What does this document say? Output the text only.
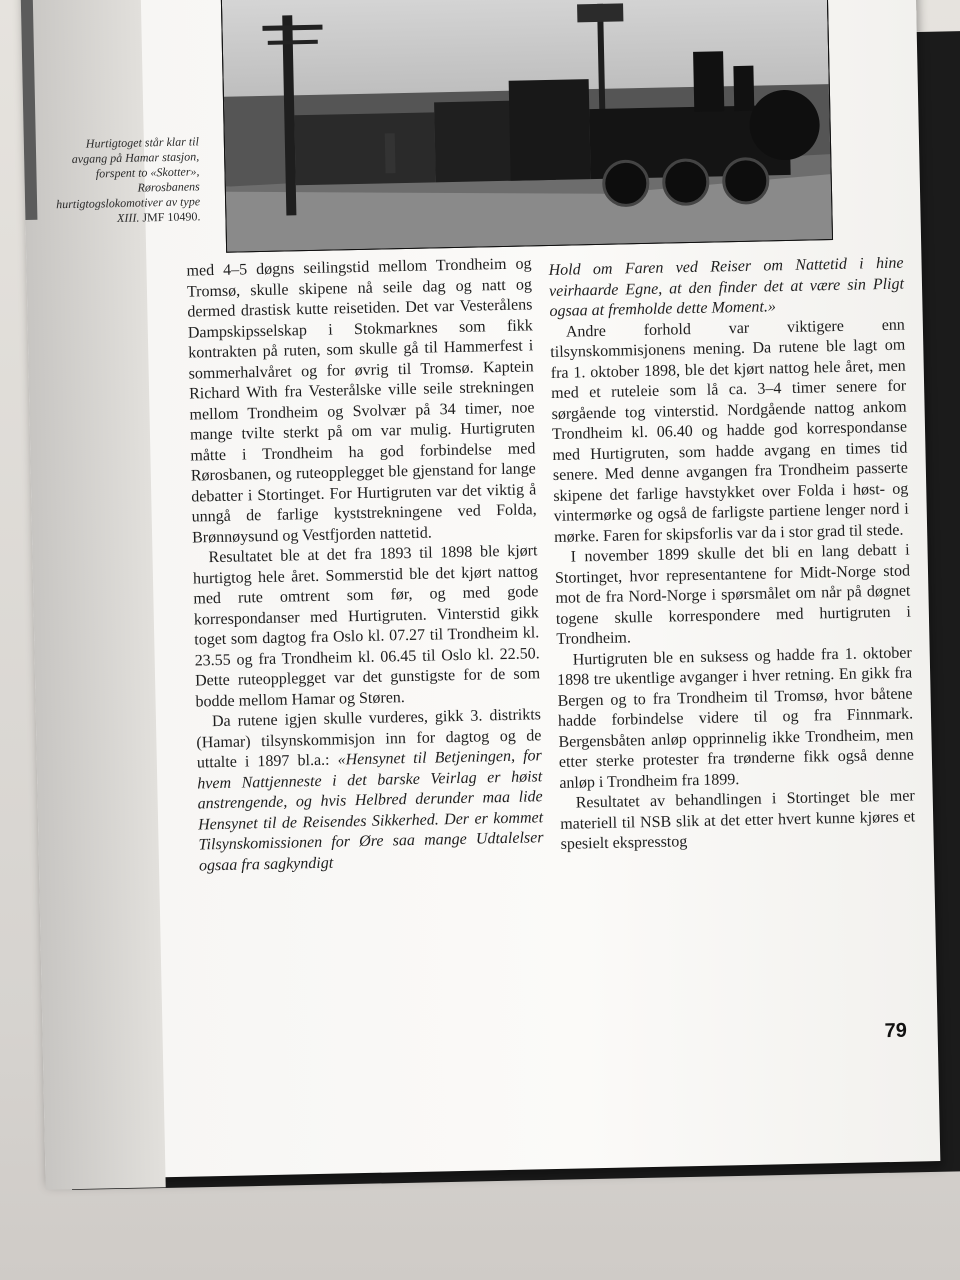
Hurtigtoget står klar til avgang på Hamar stasjon, forspent to «Skotter», Rørosbanens hurtigtogslokomotiver av type XIII. JMF 10490.

med 4–5 døgns seilingstid mellom Trondheim og Tromsø, skulle skipene nå seile dag og natt og dermed drastisk kutte reisetiden. Det var Vesterålens Dampskipsselskap i Stokmarknes som fikk kontrakten på ruten, som skulle gå til Hammerfest i sommerhalvåret og for øvrig til Tromsø. Kaptein Richard With fra Vesterålske ville seile strekningen mellom Trondheim og Svolvær på 34 timer, noe mange tvilte sterkt på om var mulig. Hurtigruten måtte i Trondheim ha god forbindelse med Rørosbanen, og ruteopplegget ble gjenstand for lange debatter i Stortinget. For Hurtigruten var det viktig å unngå de farlige kyststrekningene ved Folda, Brønnøysund og Vestfjorden nattetid.

Resultatet ble at det fra 1893 til 1898 ble kjørt hurtigtog hele året. Sommerstid ble det kjørt nattog med rute omtrent som før, og med gode korrespondanser med Hurtigruten. Vinterstid gikk toget som dagtog fra Oslo kl. 07.27 til Trondheim kl. 23.55 og fra Trondheim kl. 06.45 til Oslo kl. 22.50. Dette ruteopplegget var det gunstigste for de som bodde mellom Hamar og Støren.

Da rutene igjen skulle vurderes, gikk 3. distrikts (Hamar) tilsynskommisjon inn for dagtog og de uttalte i 1897 bl.a.: «Hensynet til Betjeningen, for hvem Nattjenneste i det barske Veirlag er høist anstrengende, og hvis Helbred derunder maa lide Hensynet til de Reisendes Sikkerhed. Der er kommet Tilsynskomissionen for Øre saa mange Udtalelser ogsaa fra sagkyndigt

Hold om Faren ved Reiser om Nattetid i hine veirhaarde Egne, at den finder det at være sin Pligt ogsaa at fremholde dette Moment.»

Andre forhold var viktigere enn tilsynskommisjonens mening. Da rutene ble lagt om fra 1. oktober 1898, ble det kjørt nattog hele året, men med et ruteleie som lå ca. 3–4 timer senere for sørgående tog vinterstid. Nordgående nattog ankom Trondheim kl. 06.40 og hadde god korrespondanse med Hurtigruten, som hadde avgang en times tid senere. Med denne avgangen fra Trondheim passerte skipene det farlige havstykket over Folda i høst- og vintermørke og også de farligste partiene lenger nord i mørke. Faren for skipsforlis var da i stor grad til stede.

I november 1899 skulle det bli en lang debatt i Stortinget, hvor representantene for Midt-Norge stod mot de fra Nord-Norge i spørsmålet om når på døgnet togene skulle korrespondere med hurtigruten i Trondheim.

Hurtigruten ble en suksess og hadde fra 1. oktober 1898 tre ukentlige avganger i hver retning. En gikk fra Bergen og to fra Trondheim til Tromsø, hvor båtene hadde forbindelse videre til og fra Finnmark. Bergensbåten anløp opprinnelig ikke Trondheim, men etter sterke protester fra trønderne fikk også denne anløp i Trondheim fra 1899.

Resultatet av behandlingen i Stortinget ble mer materiell til NSB slik at det etter hvert kunne kjøres et spesielt ekspresstog

79
